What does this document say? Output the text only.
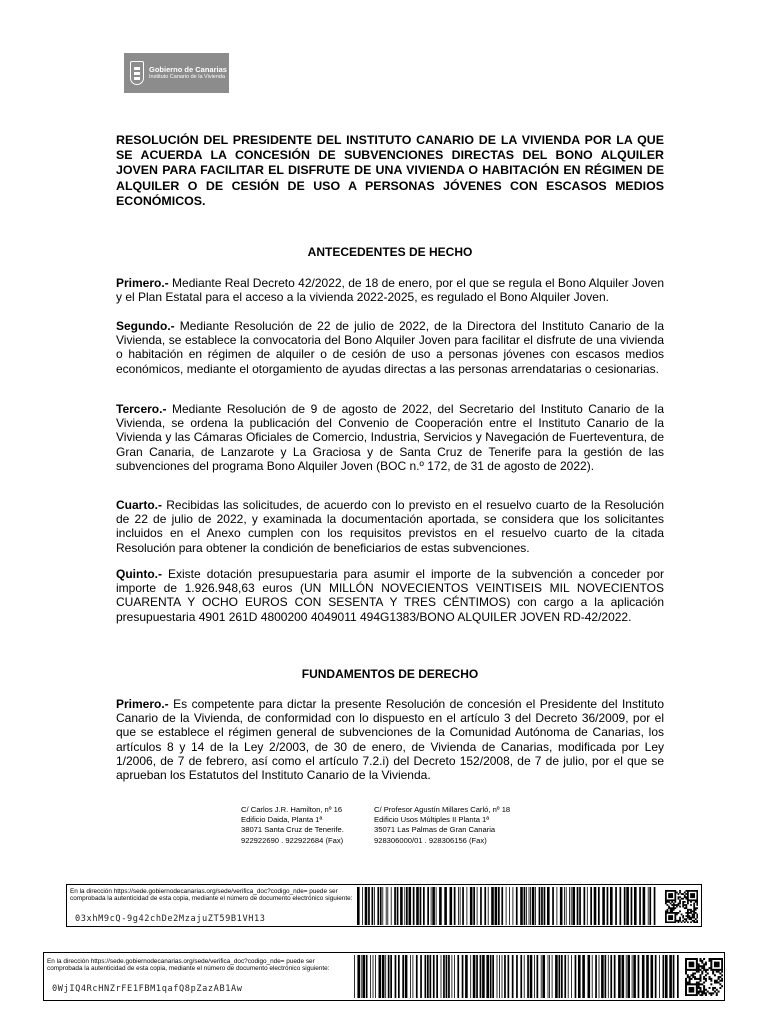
Gobierno de Canarias
Instituto Canario de la Vivienda
RESOLUCIÓN DEL PRESIDENTE DEL INSTITUTO CANARIO DE LA VIVIENDA POR LA QUE SE ACUERDA LA CONCESIÓN DE SUBVENCIONES DIRECTAS DEL BONO ALQUILER JOVEN PARA FACILITAR EL DISFRUTE DE UNA VIVIENDA O HABITACIÓN EN RÉGIMEN DE ALQUILER O DE CESIÓN DE USO A PERSONAS JÓVENES CON ESCASOS MEDIOS ECONÓMICOS.
ANTECEDENTES DE HECHO
Primero.- Mediante Real Decreto 42/2022, de 18 de enero, por el que se regula el Bono Alquiler Joven y el Plan Estatal para el acceso a la vivienda 2022-2025, es regulado el Bono Alquiler Joven.
Segundo.- Mediante Resolución de 22 de julio de 2022, de la Directora del Instituto Canario de la Vivienda, se establece la convocatoria del Bono Alquiler Joven para facilitar el disfrute de una vivienda o habitación en régimen de alquiler o de cesión de uso a personas jóvenes con escasos medios económicos, mediante el otorgamiento de ayudas directas a las personas arrendatarias o cesionarias.
Tercero.- Mediante Resolución de 9 de agosto de 2022, del Secretario del Instituto Canario de la Vivienda, se ordena la publicación del Convenio de Cooperación entre el Instituto Canario de la Vivienda y las Cámaras Oficiales de Comercio, Industria, Servicios y Navegación de Fuerteventura, de Gran Canaria, de Lanzarote y La Graciosa y de Santa Cruz de Tenerife para la gestión de las subvenciones del programa Bono Alquiler Joven (BOC n.º 172, de 31 de agosto de 2022).
Cuarto.- Recibidas las solicitudes, de acuerdo con lo previsto en el resuelvo cuarto de la Resolución de 22 de julio de 2022, y examinada la documentación aportada, se considera que los solicitantes incluidos en el Anexo cumplen con los requisitos previstos en el resuelvo cuarto de la citada Resolución para obtener la condición de beneficiarios de estas subvenciones.
Quinto.- Existe dotación presupuestaria para asumir el importe de la subvención a conceder por importe de 1.926.948,63 euros (UN MILLÓN NOVECIENTOS VEINTISEIS MIL NOVECIENTOS CUARENTA Y OCHO EUROS CON SESENTA Y TRES CÉNTIMOS) con cargo a la aplicación presupuestaria 4901 261D 4800200 4049011 494G1383/BONO ALQUILER JOVEN RD-42/2022.
FUNDAMENTOS DE DERECHO
Primero.- Es competente para dictar la presente Resolución de concesión el Presidente del Instituto Canario de la Vivienda, de conformidad con lo dispuesto en el artículo 3 del Decreto 36/2009, por el que se establece el régimen general de subvenciones de la Comunidad Autónoma de Canarias, los artículos 8 y 14 de la Ley 2/2003, de 30 de enero, de Vivienda de Canarias, modificada por Ley 1/2006, de 7 de febrero, así como el artículo 7.2.i) del Decreto 152/2008, de 7 de julio, por el que se aprueban los Estatutos del Instituto Canario de la Vivienda.
C/ Carlos J.R. Hamilton, nº 16
Edificio Daida, Planta 1ª
38071 Santa Cruz de Tenerife.
922922690 . 922922684 (Fax)
C/ Profesor Agustín Millares Carló, nº 18
Edificio Usos Múltiples II Planta 1ª
35071 Las Palmas de Gran Canaria
928306000/01 . 928306156 (Fax)
En la dirección https://sede.gobiernodecanarias.org/sede/verifica_doc?codigo_nde= puede ser comprobada la autenticidad de esta copia, mediante el número de documento electrónico siguiente:
03xhM9cQ-9g42chDe2MzajuZT59B1VH13
En la dirección https://sede.gobiernodecanarias.org/sede/verifica_doc?codigo_nde= puede ser comprobada la autenticidad de esta copia, mediante el número de documento electrónico siguiente:
0WjIQ4RcHNZrFE1FBM1qafQ8pZazAB1Aw
